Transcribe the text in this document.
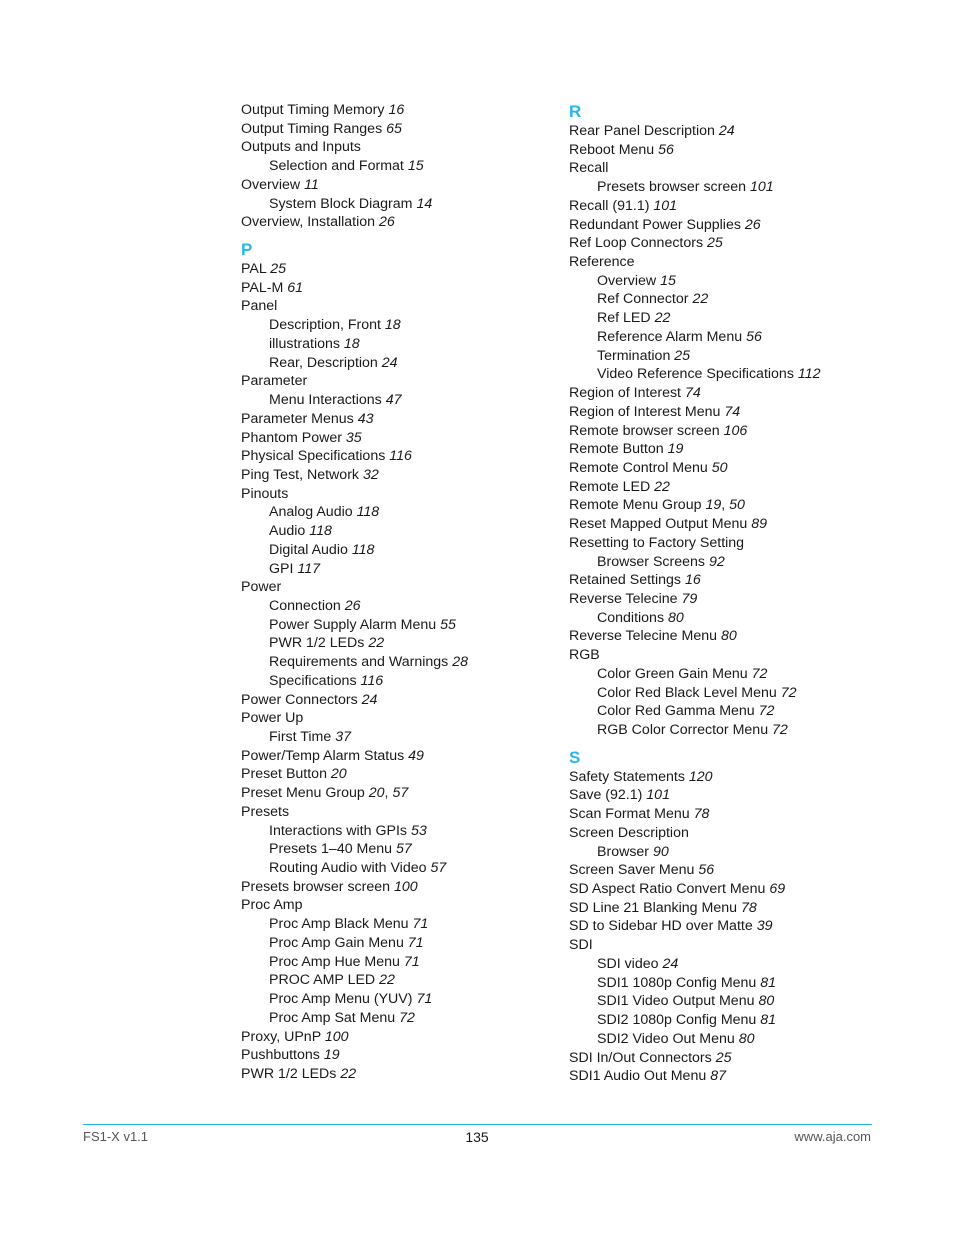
Output Timing Memory 16
Output Timing Ranges 65
Outputs and Inputs
Selection and Format 15
Overview 11
System Block Diagram 14
Overview, Installation 26
P
PAL 25
PAL-M 61
Panel
Description, Front 18
illustrations 18
Rear, Description 24
Parameter
Menu Interactions 47
Parameter Menus 43
Phantom Power 35
Physical Specifications 116
Ping Test, Network 32
Pinouts
Analog Audio 118
Audio 118
Digital Audio 118
GPI 117
Power
Connection 26
Power Supply Alarm Menu 55
PWR 1/2 LEDs 22
Requirements and Warnings 28
Specifications 116
Power Connectors 24
Power Up
First Time 37
Power/Temp Alarm Status 49
Preset Button 20
Preset Menu Group 20, 57
Presets
Interactions with GPIs 53
Presets 1–40 Menu 57
Routing Audio with Video 57
Presets browser screen 100
Proc Amp
Proc Amp Black Menu 71
Proc Amp Gain Menu 71
Proc Amp Hue Menu 71
PROC AMP LED 22
Proc Amp Menu (YUV) 71
Proc Amp Sat Menu 72
Proxy, UPnP 100
Pushbuttons 19
PWR 1/2 LEDs 22
R
Rear Panel Description 24
Reboot Menu 56
Recall
Presets browser screen 101
Recall (91.1) 101
Redundant Power Supplies 26
Ref Loop Connectors 25
Reference
Overview 15
Ref Connector 22
Ref LED 22
Reference Alarm Menu 56
Termination 25
Video Reference Specifications 112
Region of Interest 74
Region of Interest Menu 74
Remote browser screen 106
Remote Button 19
Remote Control Menu 50
Remote LED 22
Remote Menu Group 19, 50
Reset Mapped Output Menu 89
Resetting to Factory Setting
Browser Screens 92
Retained Settings 16
Reverse Telecine 79
Conditions 80
Reverse Telecine Menu 80
RGB
Color Green Gain Menu 72
Color Red Black Level Menu 72
Color Red Gamma Menu 72
RGB Color Corrector Menu 72
S
Safety Statements 120
Save (92.1) 101
Scan Format Menu 78
Screen Description
Browser 90
Screen Saver Menu 56
SD Aspect Ratio Convert Menu 69
SD Line 21 Blanking Menu 78
SD to Sidebar HD over Matte 39
SDI
SDI video 24
SDI1 1080p Config Menu 81
SDI1 Video Output Menu 80
SDI2 1080p Config Menu 81
SDI2 Video Out Menu 80
SDI In/Out Connectors 25
SDI1 Audio Out Menu 87
FS1-X v1.1	135	www.aja.com
